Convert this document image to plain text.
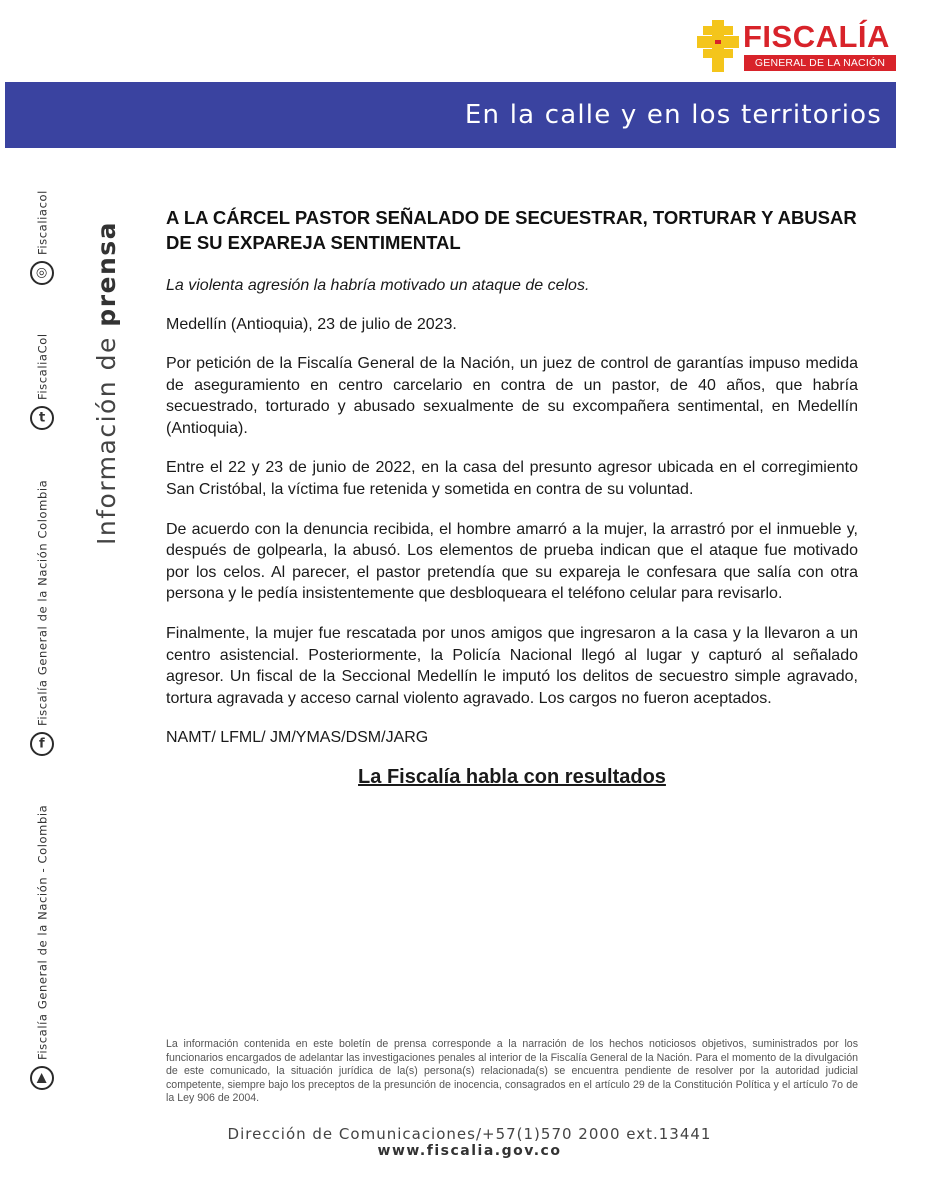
FISCALÍA
GENERAL DE LA NACIÓN
En la calle y en los territorios
▶
Fiscalía General de la Nación - Colombia
f
Fiscalía General de la Nación Colombia
t
FiscaliaCol
◎
Fiscaliacol
Información de prensa
A LA CÁRCEL PASTOR SEÑALADO DE SECUESTRAR, TORTURAR Y ABUSAR DE SU EXPAREJA SENTIMENTAL
La violenta agresión la habría motivado un ataque de celos.
Medellín (Antioquia), 23 de julio de 2023.
Por petición de la Fiscalía General de la Nación, un juez de control de garantías impuso medida de aseguramiento en centro carcelario en contra de un pastor, de 40 años, que habría secuestrado, torturado y abusado sexualmente de su excompañera sentimental, en Medellín (Antioquia).
Entre el 22 y 23 de junio de 2022, en la casa del presunto agresor ubicada en el corregimiento San Cristóbal, la víctima fue retenida y sometida en contra de su voluntad.
De acuerdo con la denuncia recibida, el hombre amarró a la mujer, la arrastró por el inmueble y, después de golpearla, la abusó. Los elementos de prueba indican que el ataque fue motivado por los celos. Al parecer, el pastor pretendía que su expareja le confesara que salía con otra persona y le pedía insistentemente que desbloqueara el teléfono celular para revisarlo.
Finalmente, la mujer fue rescatada por unos amigos que ingresaron a la casa y la llevaron a un centro asistencial. Posteriormente, la Policía Nacional llegó al lugar y capturó al señalado agresor. Un fiscal de la Seccional Medellín le imputó los delitos de secuestro simple agravado, tortura agravada y acceso carnal violento agravado. Los cargos no fueron aceptados.
NAMT/ LFML/ JM/YMAS/DSM/JARG
La Fiscalía habla con resultados
La información contenida en este boletín de prensa corresponde a la narración de los hechos noticiosos objetivos, suministrados por los funcionarios encargados de adelantar las investigaciones penales al interior de la Fiscalía General de la Nación. Para el momento de la divulgación de este comunicado, la situación jurídica de la(s) persona(s) relacionada(s) se encuentra pendiente de resolver por la autoridad judicial competente, siempre bajo los preceptos de la presunción de inocencia, consagrados en el artículo 29 de la Constitución Política y el artículo 7o de la Ley 906 de 2004.
Dirección de Comunicaciones/+57(1)570 2000 ext.13441
www.fiscalia.gov.co
